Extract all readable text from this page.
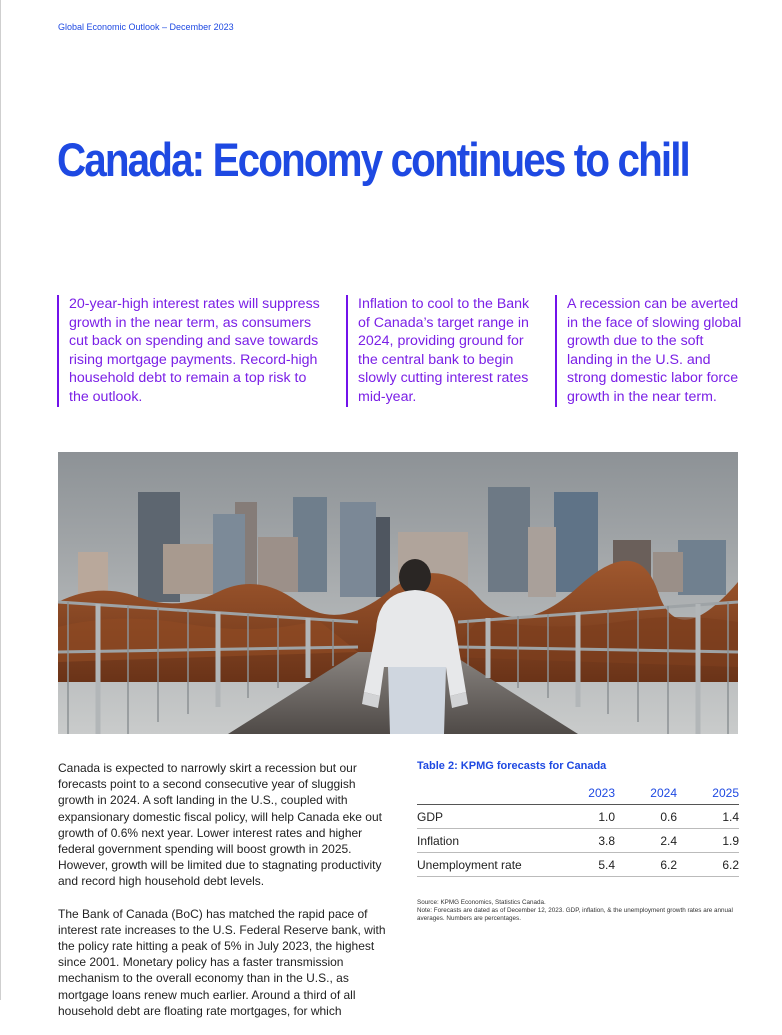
Global Economic Outlook – December 2023
Canada: Economy continues to chill
20-year-high interest rates will suppress growth in the near term, as consumers cut back on spending and save towards rising mortgage payments. Record-high household debt to remain a top risk to the outlook.
Inflation to cool to the Bank of Canada’s target range in 2024, providing ground for the central bank to begin slowly cutting interest rates mid-year.
A recession can be averted in the face of slowing global growth due to the soft landing in the U.S. and strong domestic labor force growth in the near term.

Canada is expected to narrowly skirt a recession but our forecasts point to a second consecutive year of sluggish growth in 2024. A soft landing in the U.S., coupled with expansionary domestic fiscal policy, will help Canada eke out growth of 0.6% next year. Lower interest rates and higher federal government spending will boost growth in 2025. However, growth will be limited due to stagnating productivity and record high household debt levels.

The Bank of Canada (BoC) has matched the rapid pace of interest rate increases to the U.S. Federal Reserve bank, with the policy rate hitting a peak of 5% in July 2023, the highest since 2001. Monetary policy has a faster transmission mechanism to the overall economy than in the U.S., as mortgage loans renew much earlier. Around a third of all household debt are floating rate mortgages, for which

Table 2: KPMG forecasts for Canada
	2023	2024	2025
GDP	1.0	0.6	1.4
Inflation	3.8	2.4	1.9
Unemployment rate	5.4	6.2	6.2
Source: KPMG Economics, Statistics Canada.
Note: Forecasts are dated as of December 12, 2023. GDP, inflation, & the unemployment growth rates are annual averages. Numbers are percentages.
